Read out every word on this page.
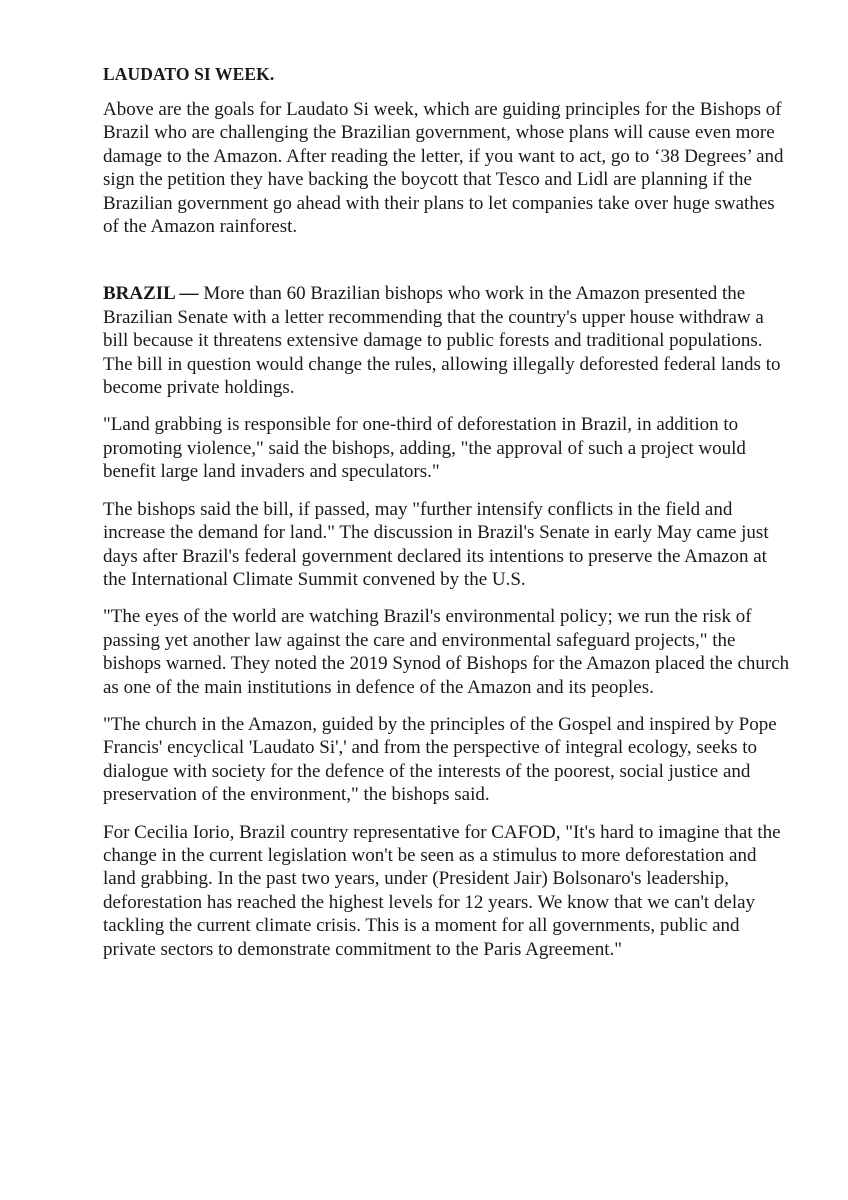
LAUDATO SI WEEK.

Above are the goals for Laudato Si week, which are guiding principles for the Bishops of Brazil who are challenging the Brazilian government, whose plans will cause even more damage to the Amazon. After reading the letter, if you want to act, go to ‘38 Degrees’ and sign the petition they have backing the boycott that Tesco and Lidl are planning if the Brazilian government go ahead with their plans to let companies take over huge swathes of the Amazon rainforest.

BRAZIL — More than 60 Brazilian bishops who work in the Amazon presented the Brazilian Senate with a letter recommending that the country's upper house withdraw a bill because it threatens extensive damage to public forests and traditional populations. The bill in question would change the rules, allowing illegally deforested federal lands to become private holdings.

"Land grabbing is responsible for one-third of deforestation in Brazil, in addition to promoting violence," said the bishops, adding, "the approval of such a project would benefit large land invaders and speculators."

The bishops said the bill, if passed, may "further intensify conflicts in the field and increase the demand for land." The discussion in Brazil's Senate in early May came just days after Brazil's federal government declared its intentions to preserve the Amazon at the International Climate Summit convened by the U.S.

"The eyes of the world are watching Brazil's environmental policy; we run the risk of passing yet another law against the care and environmental safeguard projects," the bishops warned. They noted the 2019 Synod of Bishops for the Amazon placed the church as one of the main institutions in defence of the Amazon and its peoples.

"The church in the Amazon, guided by the principles of the Gospel and inspired by Pope Francis' encyclical 'Laudato Si',' and from the perspective of integral ecology, seeks to dialogue with society for the defence of the interests of the poorest, social justice and preservation of the environment," the bishops said.

For Cecilia Iorio, Brazil country representative for CAFOD, "It's hard to imagine that the change in the current legislation won't be seen as a stimulus to more deforestation and land grabbing. In the past two years, under (President Jair) Bolsonaro's leadership, deforestation has reached the highest levels for 12 years. We know that we can't delay tackling the current climate crisis. This is a moment for all governments, public and private sectors to demonstrate commitment to the Paris Agreement."
